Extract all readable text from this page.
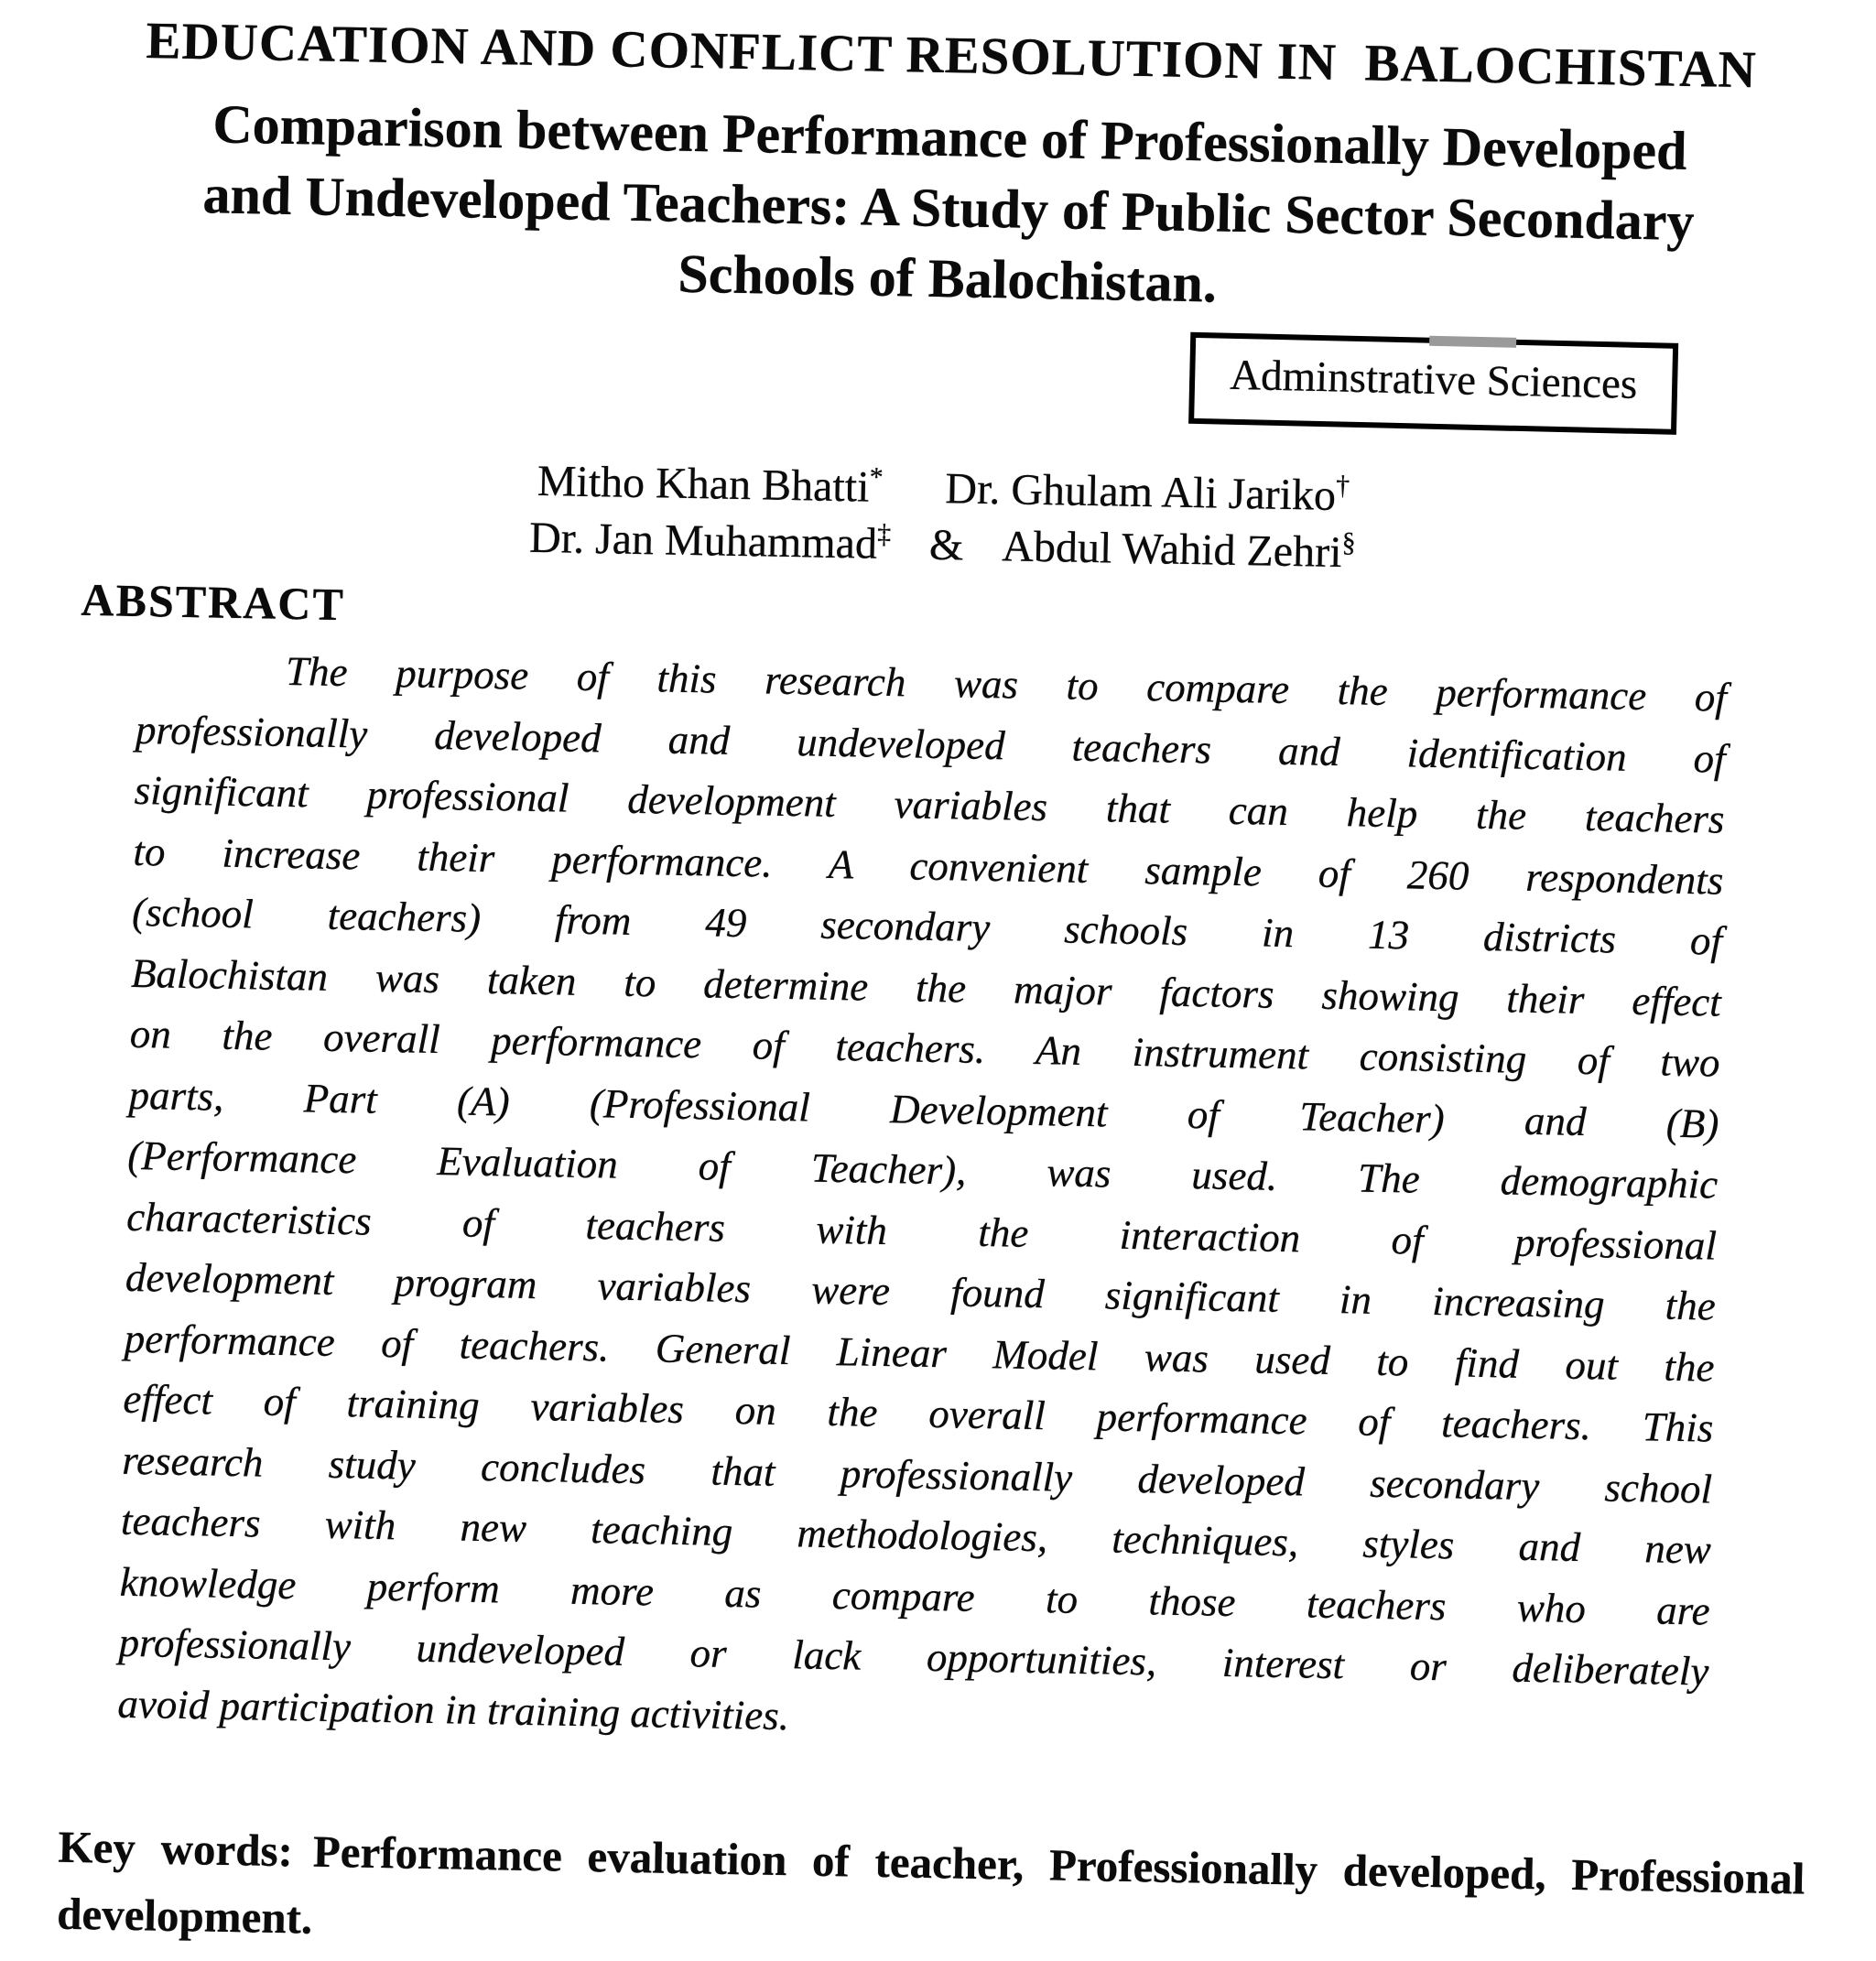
EDUCATION AND CONFLICT RESOLUTION IN  BALOCHISTAN
Comparison between Performance of Professionally Developed
and Undeveloped Teachers: A Study of Public Sector Secondary
Schools of Balochistan.
Adminstrative Sciences
Mitho Khan Bhatti* Dr. Ghulam Ali Jariko†
Dr. Jan Muhammad‡ & Abdul Wahid Zehri§
ABSTRACT
The purpose of this research was to compare the performance of
professionally developed and undeveloped teachers and identification of
significant professional development variables that can help the teachers
to increase their performance. A convenient sample of 260 respondents
(school teachers) from 49 secondary schools in 13 districts of
Balochistan was taken to determine the major factors showing their effect
on the overall performance of teachers. An instrument consisting of two
parts, Part (A) (Professional Development of Teacher) and (B)
(Performance Evaluation of Teacher), was used. The demographic
characteristics of teachers with the interaction of professional
development program variables were found significant in increasing the
performance of teachers. General Linear Model was used to find out the
effect of training variables on the overall performance of teachers. This
research study concludes that professionally developed secondary school
teachers with new teaching methodologies, techniques, styles and new
knowledge perform more as compare to those teachers who are
professionally undeveloped or lack opportunities, interest or deliberately
avoid participation in training activities.
Key words: Performance evaluation of teacher, Professionally developed, Professional development.
